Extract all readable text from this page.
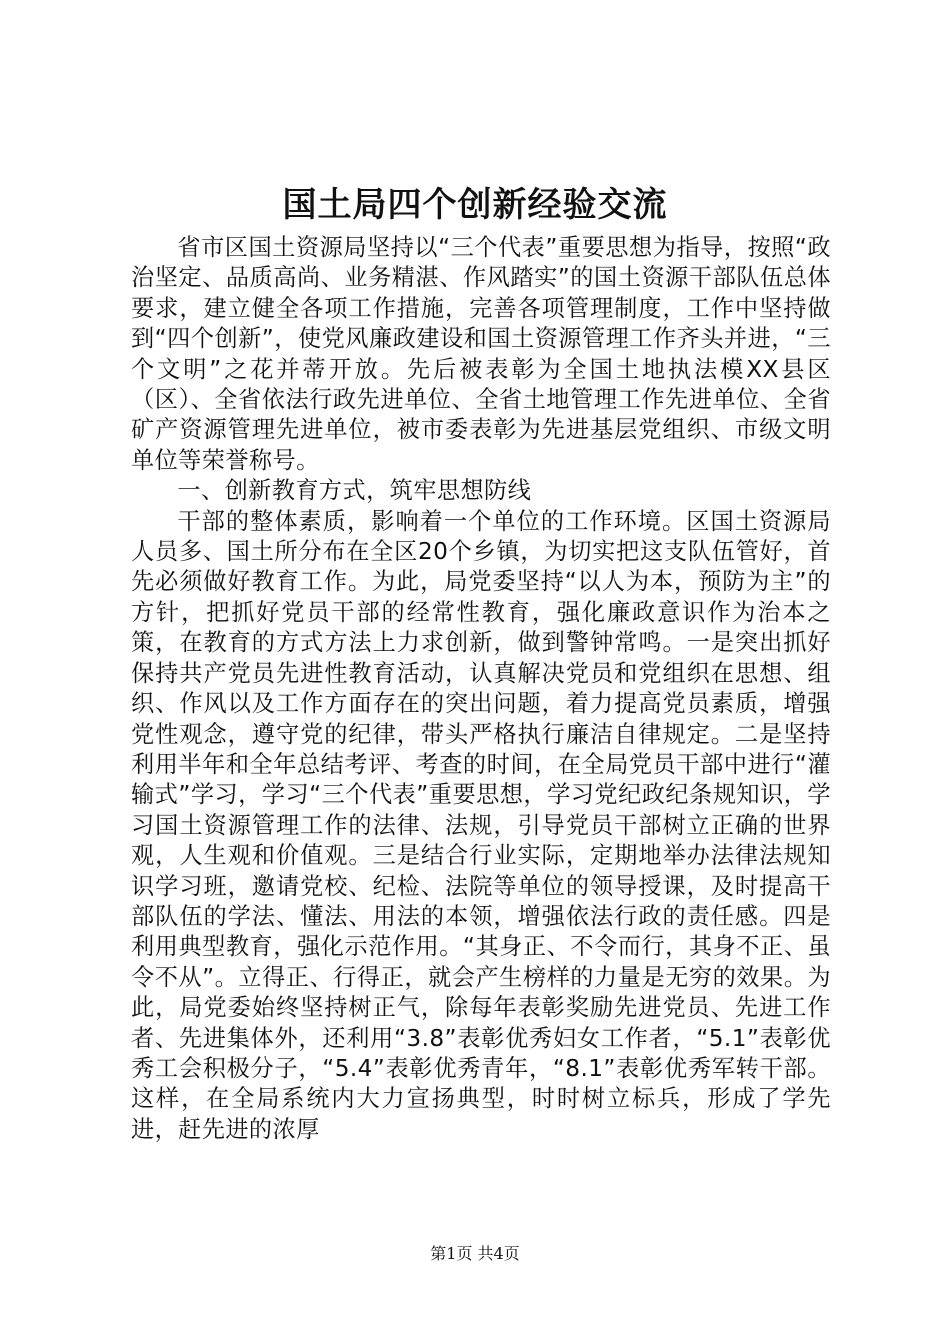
国土局四个创新经验交流

省市区国土资源局坚持以“三个代表”重要思想为指导，按照“政治坚定、品质高尚、业务精湛、作风踏实”的国土资源干部队伍总体要求，建立健全各项工作措施，完善各项管理制度，工作中坚持做到“四个创新”，使党风廉政建设和国土资源管理工作齐头并进，“三个文明”之花并蒂开放。先后被表彰为全国土地执法模XX县区（区）、全省依法行政先进单位、全省土地管理工作先进单位、全省矿产资源管理先进单位，被市委表彰为先进基层党组织、市级文明单位等荣誉称号。

一、创新教育方式，筑牢思想防线

干部的整体素质，影响着一个单位的工作环境。区国土资源局人员多、国土所分布在全区20个乡镇，为切实把这支队伍管好，首先必须做好教育工作。为此，局党委坚持“以人为本，预防为主”的方针，把抓好党员干部的经常性教育，强化廉政意识作为治本之策，在教育的方式方法上力求创新，做到警钟常鸣。一是突出抓好保持共产党员先进性教育活动，认真解决党员和党组织在思想、组织、作风以及工作方面存在的突出问题，着力提高党员素质，增强党性观念，遵守党的纪律，带头严格执行廉洁自律规定。二是坚持利用半年和全年总结考评、考查的时间，在全局党员干部中进行“灌输式”学习，学习“三个代表”重要思想，学习党纪政纪条规知识，学习国土资源管理工作的法律、法规，引导党员干部树立正确的世界观，人生观和价值观。三是结合行业实际，定期地举办法律法规知识学习班，邀请党校、纪检、法院等单位的领导授课，及时提高干部队伍的学法、懂法、用法的本领，增强依法行政的责任感。四是利用典型教育，强化示范作用。“其身正、不令而行，其身不正、虽令不从”。立得正、行得正，就会产生榜样的力量是无穷的效果。为此，局党委始终坚持树正气，除每年表彰奖励先进党员、先进工作者、先进集体外，还利用“3.8”表彰优秀妇女工作者，“5.1”表彰优秀工会积极分子，“5.4”表彰优秀青年，“8.1”表彰优秀军转干部。这样，在全局系统内大力宣扬典型，时时树立标兵，形成了学先进，赶先进的浓厚

第1页 共4页
